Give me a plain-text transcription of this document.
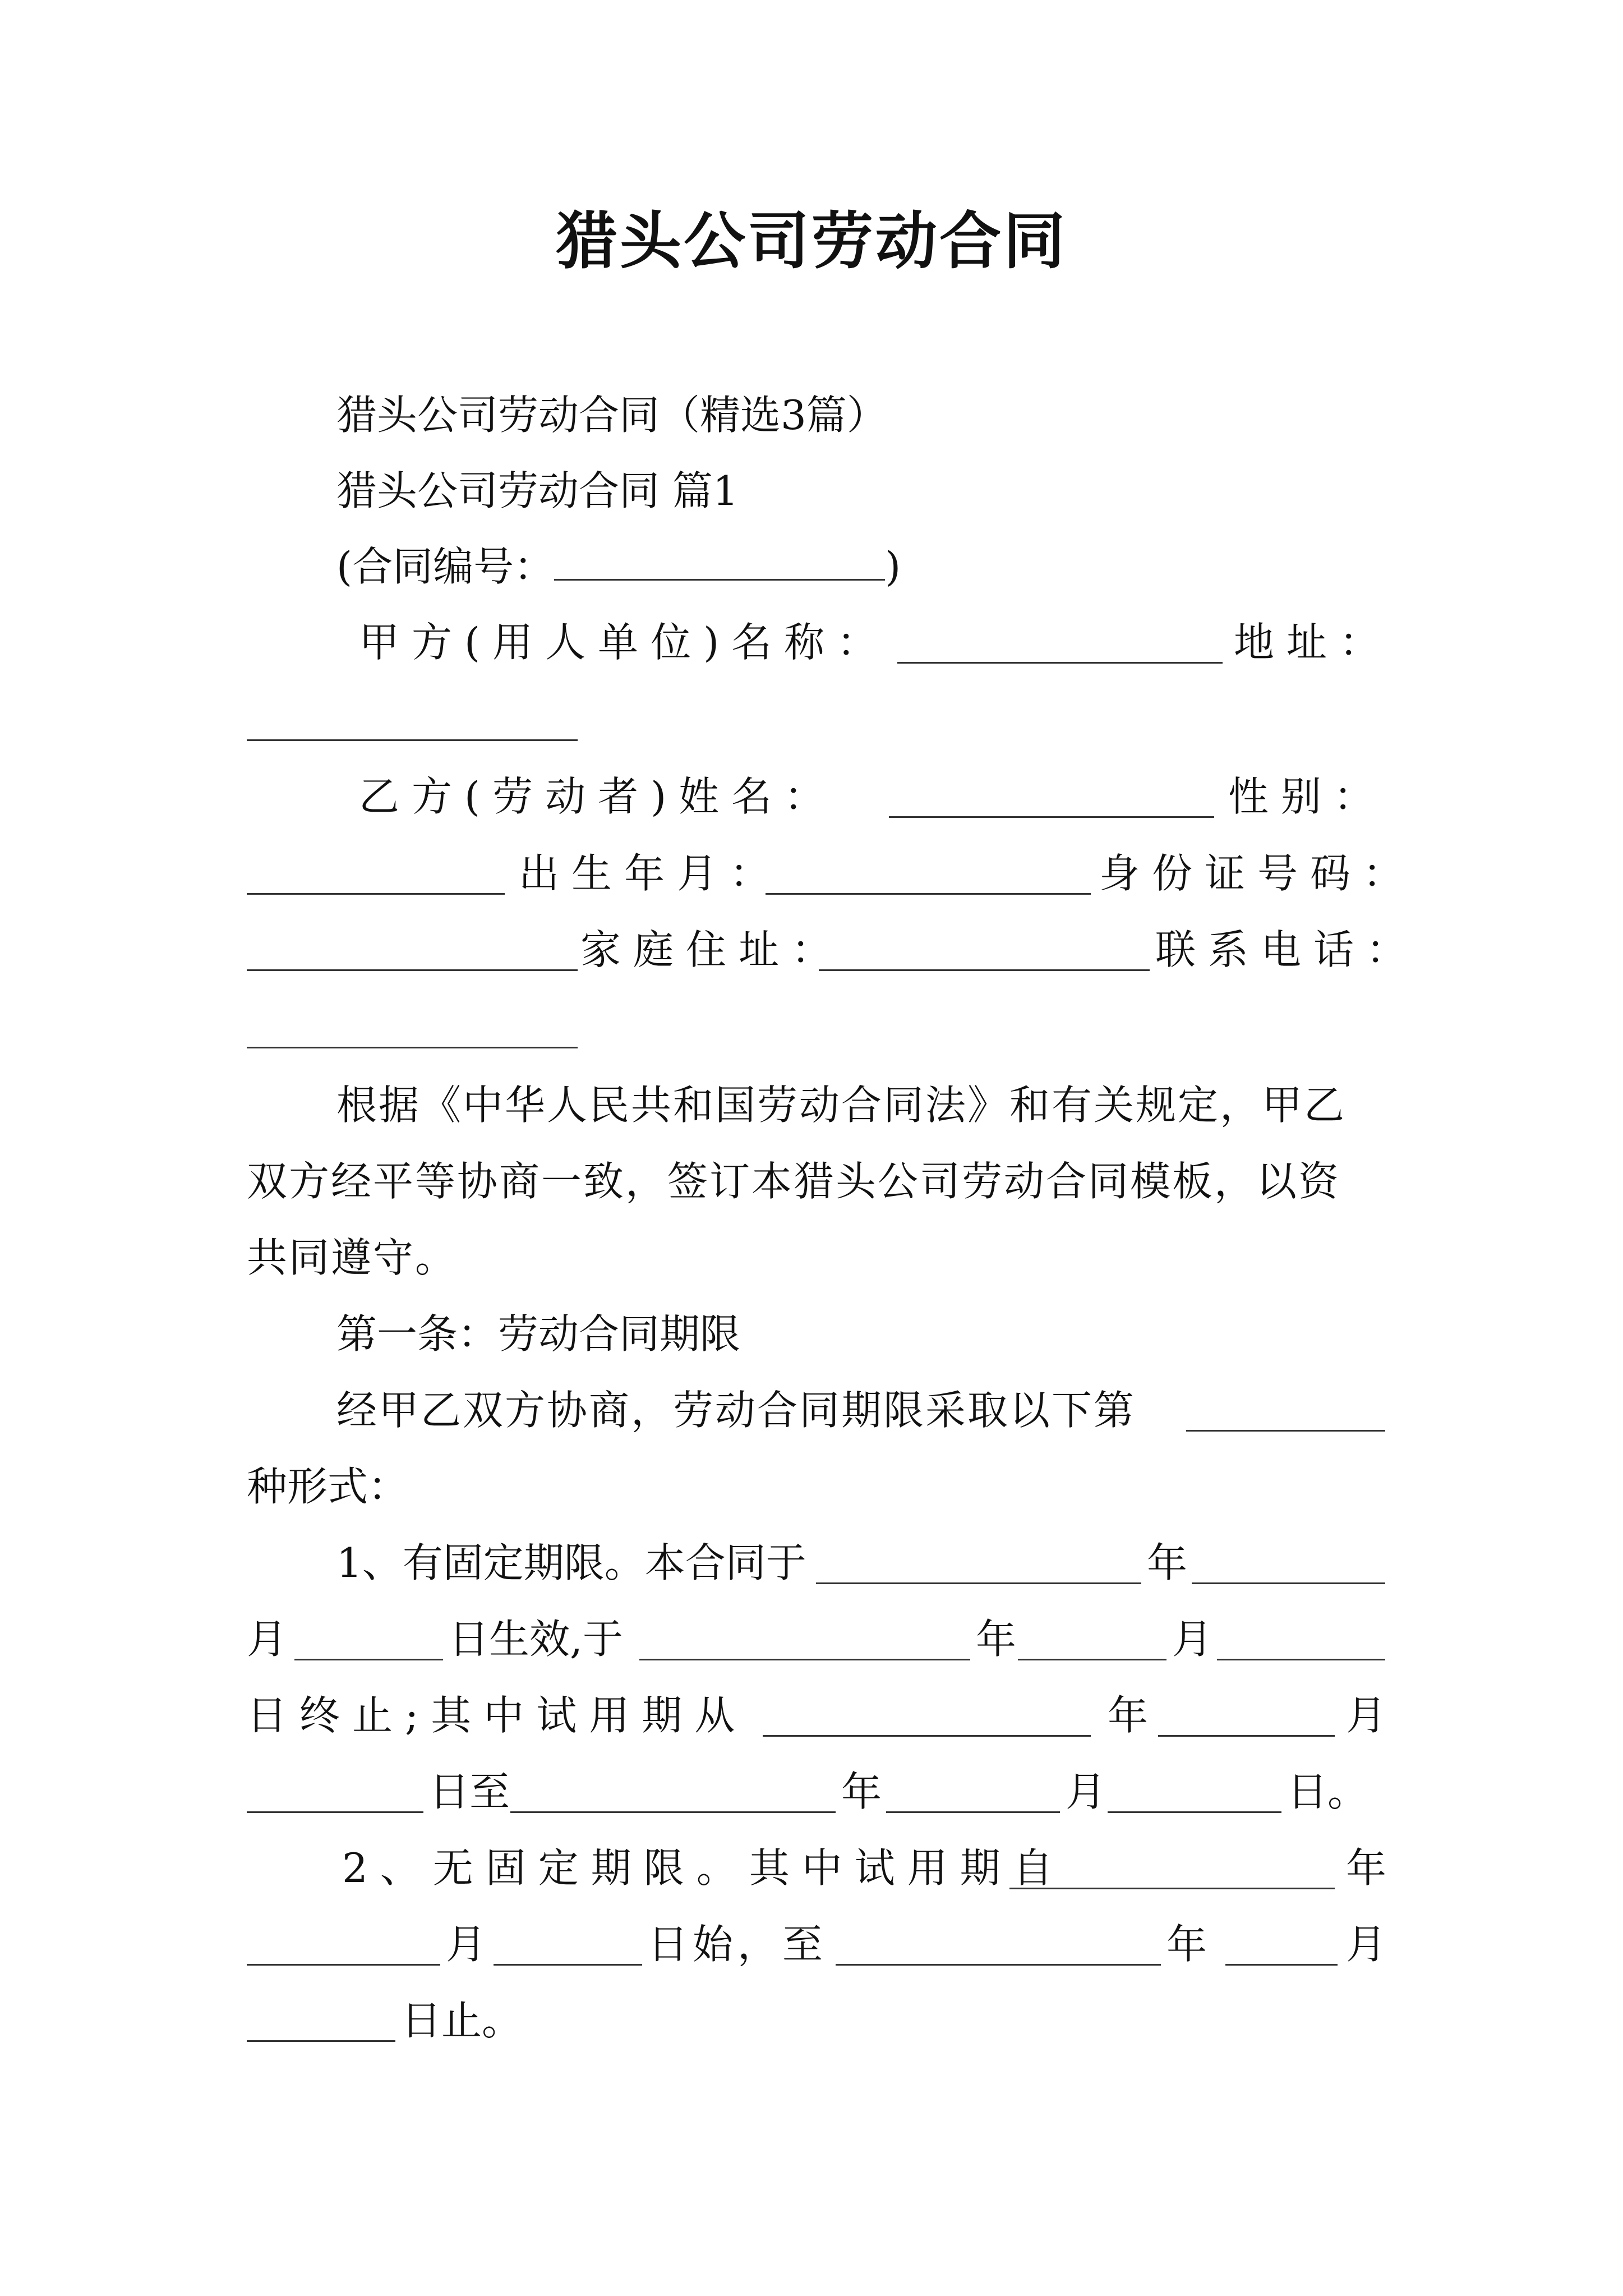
猎头公司劳动合同

猎头公司劳动合同（精选3篇）

猎头公司劳动合同 篇1

(合同编号：	)

甲方(用人单位)名称：	地址：

乙方(劳动者)姓名：	性别：

出生年月：	身份证号码：

家庭住址：	联系电话：

根据《中华人民共和国劳动合同法》和有关规定，甲乙

双方经平等协商一致，签订本猎头公司劳动合同模板，以资

共同遵守。

第一条：劳动合同期限

经甲乙双方协商，劳动合同期限采取以下第

种形式：

1、有固定期限。本合同于	年

月	日生效,于	年	月

日终止;其中试用期从	年	月

日至	年	月	日。

2、无固定期限。其中试用期自	年

月	日始，至	年	月

日止。
